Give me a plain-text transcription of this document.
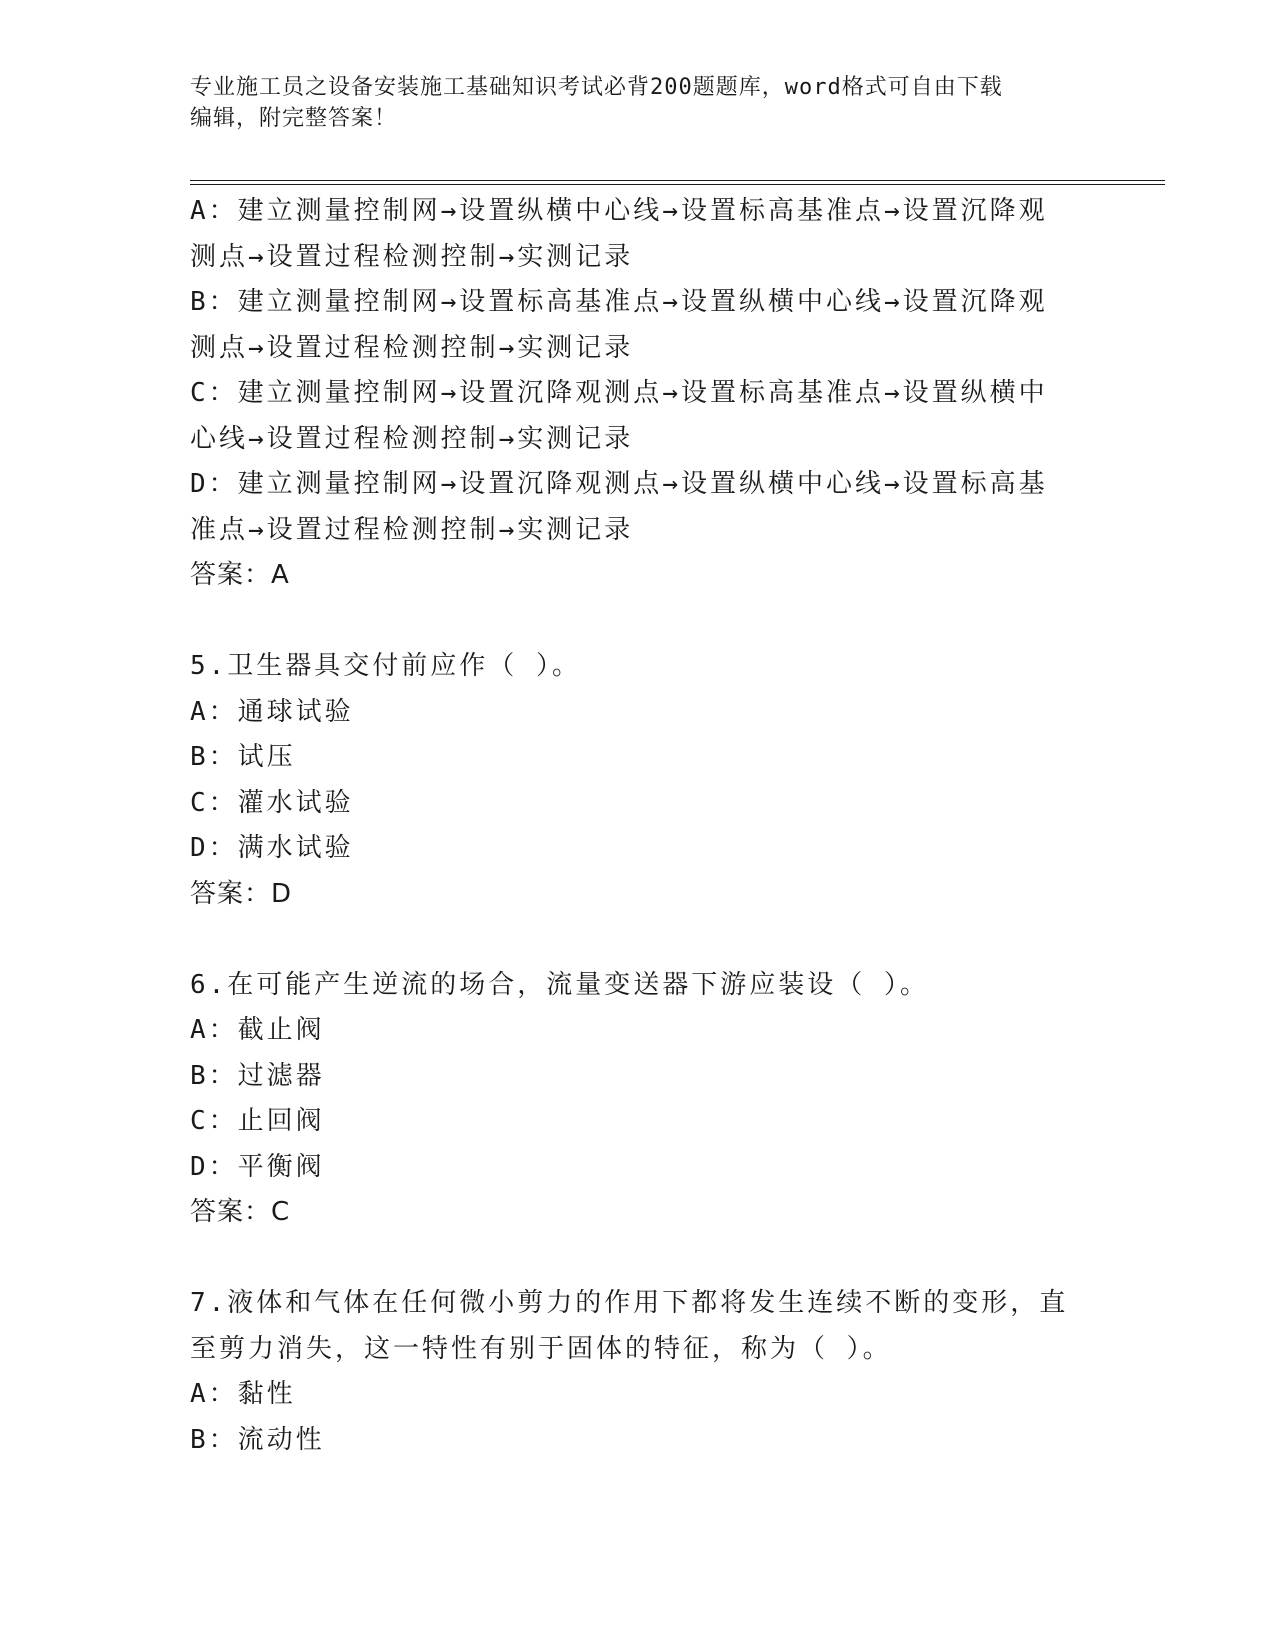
专业施工员之设备安装施工基础知识考试必背200题题库，word格式可自由下载
编辑，附完整答案！
A：建立测量控制网→设置纵横中心线→设置标高基准点→设置沉降观
测点→设置过程检测控制→实测记录
B：建立测量控制网→设置标高基准点→设置纵横中心线→设置沉降观
测点→设置过程检测控制→实测记录
C：建立测量控制网→设置沉降观测点→设置标高基准点→设置纵横中
心线→设置过程检测控制→实测记录
D：建立测量控制网→设置沉降观测点→设置纵横中心线→设置标高基
准点→设置过程检测控制→实测记录
答案：A
5.卫生器具交付前应作（ ）。
A：通球试验
B：试压
C：灌水试验
D：满水试验
答案：D
6.在可能产生逆流的场合，流量变送器下游应装设（ ）。
A：截止阀
B：过滤器
C：止回阀
D：平衡阀
答案：C
7.液体和气体在任何微小剪力的作用下都将发生连续不断的变形，直
至剪力消失，这一特性有别于固体的特征，称为（ ）。
A：黏性
B：流动性
